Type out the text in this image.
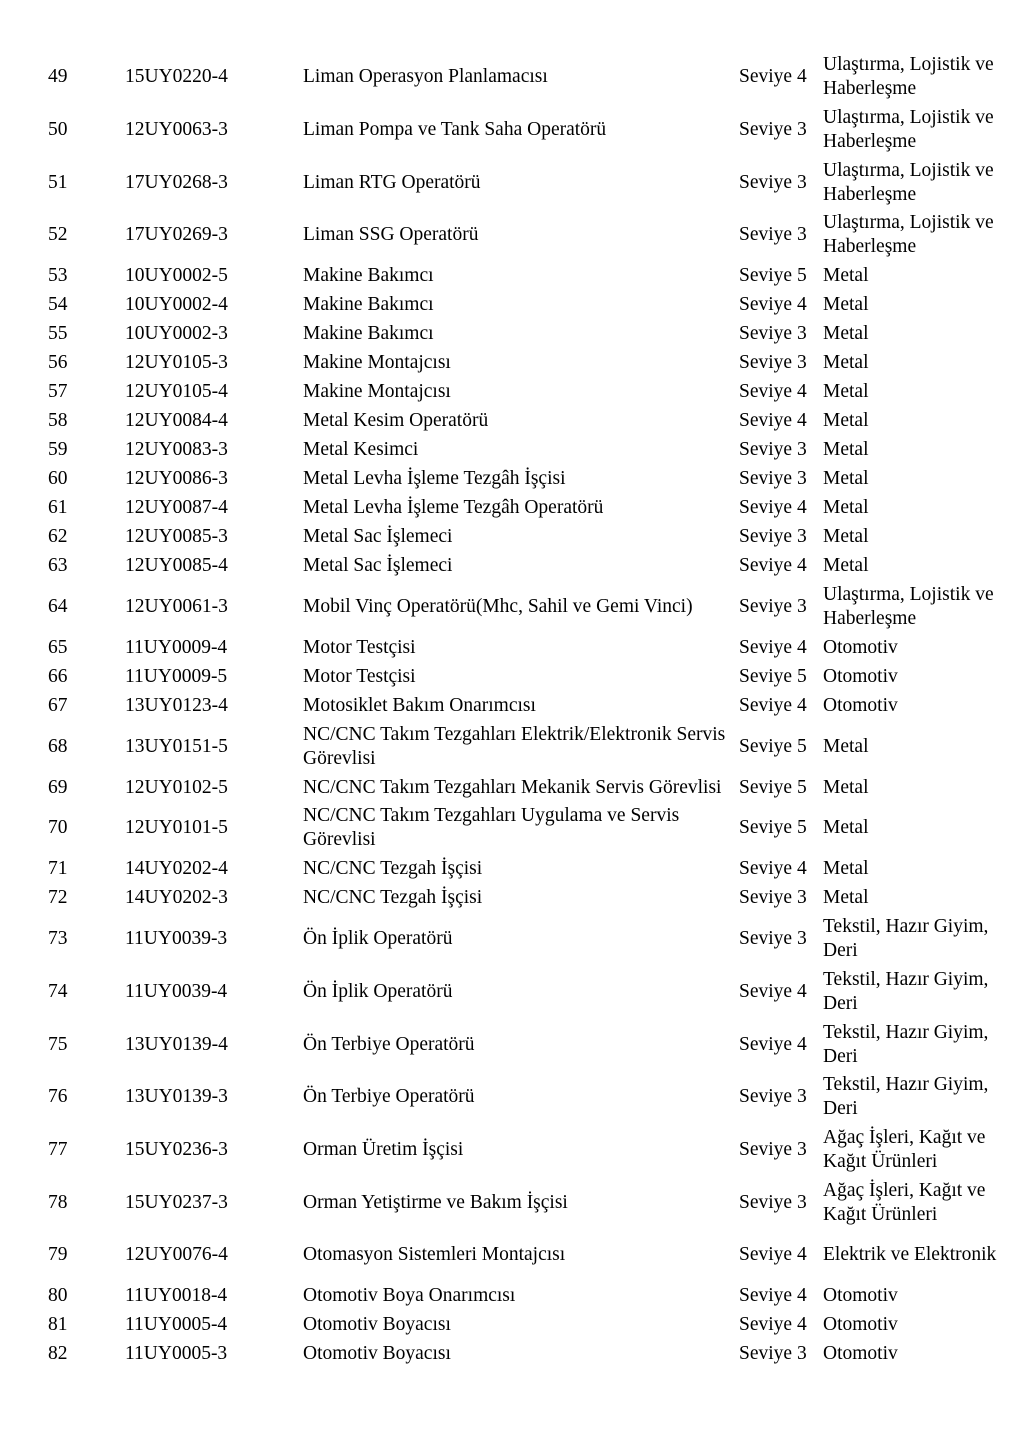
49	15UY0220-4	Liman Operasyon Planlamacısı	Seviye 4	Ulaştırma, Lojistik ve Haberleşme
50	12UY0063-3	Liman Pompa ve Tank Saha Operatörü	Seviye 3	Ulaştırma, Lojistik ve Haberleşme
51	17UY0268-3	Liman RTG Operatörü	Seviye 3	Ulaştırma, Lojistik ve Haberleşme
52	17UY0269-3	Liman SSG Operatörü	Seviye 3	Ulaştırma, Lojistik ve Haberleşme
53	10UY0002-5	Makine Bakımcı	Seviye 5	Metal
54	10UY0002-4	Makine Bakımcı	Seviye 4	Metal
55	10UY0002-3	Makine Bakımcı	Seviye 3	Metal
56	12UY0105-3	Makine Montajcısı	Seviye 3	Metal
57	12UY0105-4	Makine Montajcısı	Seviye 4	Metal
58	12UY0084-4	Metal Kesim Operatörü	Seviye 4	Metal
59	12UY0083-3	Metal Kesimci	Seviye 3	Metal
60	12UY0086-3	Metal Levha İşleme Tezgâh İşçisi	Seviye 3	Metal
61	12UY0087-4	Metal Levha İşleme Tezgâh Operatörü	Seviye 4	Metal
62	12UY0085-3	Metal Sac İşlemeci	Seviye 3	Metal
63	12UY0085-4	Metal Sac İşlemeci	Seviye 4	Metal
64	12UY0061-3	Mobil Vinç Operatörü(Mhc, Sahil ve Gemi Vinci)	Seviye 3	Ulaştırma, Lojistik ve Haberleşme
65	11UY0009-4	Motor Testçisi	Seviye 4	Otomotiv
66	11UY0009-5	Motor Testçisi	Seviye 5	Otomotiv
67	13UY0123-4	Motosiklet Bakım Onarımcısı	Seviye 4	Otomotiv
68	13UY0151-5	NC/CNC Takım Tezgahları Elektrik/Elektronik Servis Görevlisi	Seviye 5	Metal
69	12UY0102-5	NC/CNC Takım Tezgahları Mekanik Servis Görevlisi	Seviye 5	Metal
70	12UY0101-5	NC/CNC Takım Tezgahları Uygulama ve Servis Görevlisi	Seviye 5	Metal
71	14UY0202-4	NC/CNC Tezgah İşçisi	Seviye 4	Metal
72	14UY0202-3	NC/CNC Tezgah İşçisi	Seviye 3	Metal
73	11UY0039-3	Ön İplik Operatörü	Seviye 3	Tekstil, Hazır Giyim, Deri
74	11UY0039-4	Ön İplik Operatörü	Seviye 4	Tekstil, Hazır Giyim, Deri
75	13UY0139-4	Ön Terbiye Operatörü	Seviye 4	Tekstil, Hazır Giyim, Deri
76	13UY0139-3	Ön Terbiye Operatörü	Seviye 3	Tekstil, Hazır Giyim, Deri
77	15UY0236-3	Orman Üretim İşçisi	Seviye 3	Ağaç İşleri, Kağıt ve Kağıt Ürünleri
78	15UY0237-3	Orman Yetiştirme ve Bakım İşçisi	Seviye 3	Ağaç İşleri, Kağıt ve Kağıt Ürünleri
79	12UY0076-4	Otomasyon Sistemleri Montajcısı	Seviye 4	Elektrik ve Elektronik
80	11UY0018-4	Otomotiv Boya Onarımcısı	Seviye 4	Otomotiv
81	11UY0005-4	Otomotiv Boyacısı	Seviye 4	Otomotiv
82	11UY0005-3	Otomotiv Boyacısı	Seviye 3	Otomotiv
